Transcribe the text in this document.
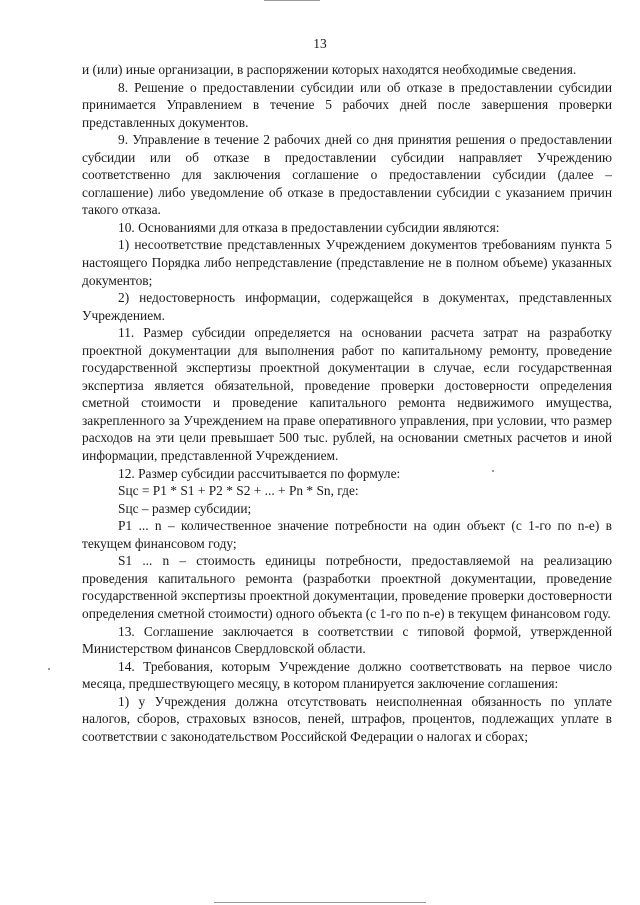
13

и (или) иные организации, в распоряжении которых находятся необходимые сведения.

8. Решение о предоставлении субсидии или об отказе в предоставлении субсидии принимается Управлением в течение 5 рабочих дней после завершения проверки представленных документов.

9. Управление в течение 2 рабочих дней со дня принятия решения о предоставлении субсидии или об отказе в предоставлении субсидии направляет Учреждению соответственно для заключения соглашение о предоставлении субсидии (далее – соглашение) либо уведомление об отказе в предоставлении субсидии с указанием причин такого отказа.

10. Основаниями для отказа в предоставлении субсидии являются:

1) несоответствие представленных Учреждением документов требованиям пункта 5 настоящего Порядка либо непредставление (представление не в полном объеме) указанных документов;

2) недостоверность информации, содержащейся в документах, представленных Учреждением.

11. Размер субсидии определяется на основании расчета затрат на разработку проектной документации для выполнения работ по капитальному ремонту, проведение государственной экспертизы проектной документации в случае, если государственная экспертиза является обязательной, проведение проверки достоверности определения сметной стоимости и проведение капитального ремонта недвижимого имущества, закрепленного за Учреждением на праве оперативного управления, при условии, что размер расходов на эти цели превышает 500 тыс. рублей, на основании сметных расчетов и иной информации, представленной Учреждением.

12. Размер субсидии рассчитывается по формуле:

Sцс = P1 * S1 + P2 * S2 + ... + Pn * Sn, где:

Sцс – размер субсидии;

P1 ... n – количественное значение потребности на один объект (с 1-го по n-е) в текущем финансовом году;

S1 ... n – стоимость единицы потребности, предоставляемой на реализацию проведения капитального ремонта (разработки проектной документации, проведение государственной экспертизы проектной документации, проведение проверки достоверности определения сметной стоимости) одного объекта (с 1-го по n-е) в текущем финансовом году.

13. Соглашение заключается в соответствии с типовой формой, утвержденной Министерством финансов Свердловской области.

14. Требования, которым Учреждение должно соответствовать на первое число месяца, предшествующего месяцу, в котором планируется заключение соглашения:

1) у Учреждения должна отсутствовать неисполненная обязанность по уплате налогов, сборов, страховых взносов, пеней, штрафов, процентов, подлежащих уплате в соответствии с законодательством Российской Федерации о налогах и сборах;
